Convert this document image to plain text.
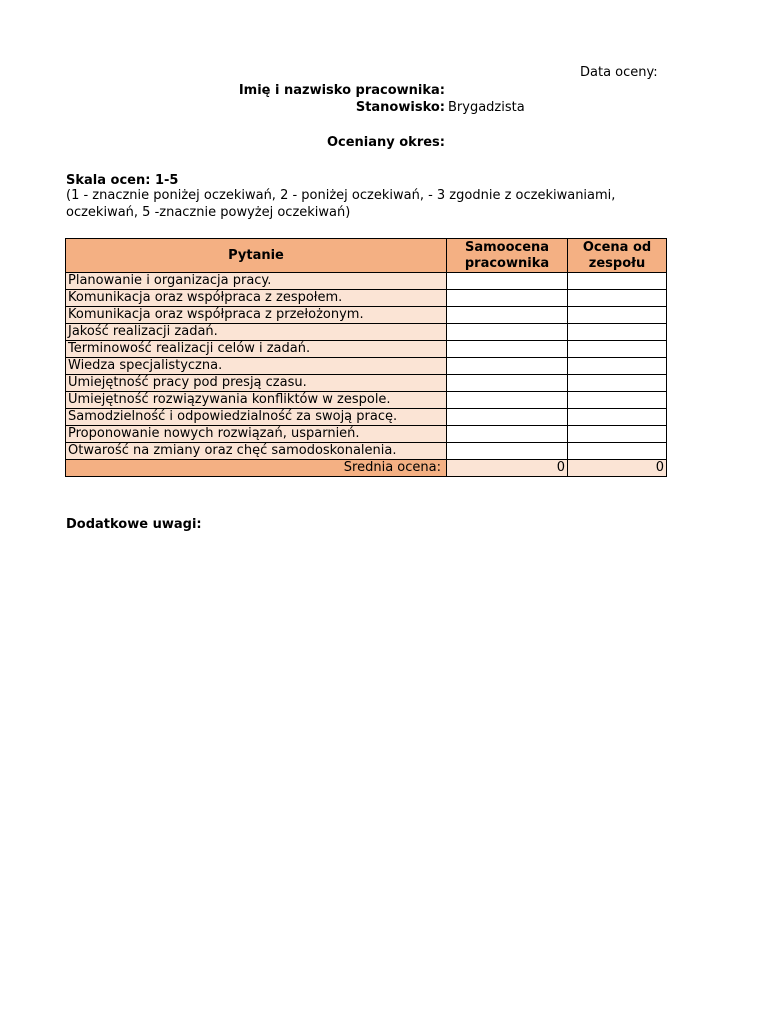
Data oceny:
Imię i nazwisko pracownika:
Stanowisko: Brygadzista
Oceniany okres:
Skala ocen: 1-5
(1 - znacznie poniżej oczekiwań, 2 - poniżej oczekiwań, - 3 zgodnie z oczekiwaniami,
oczekiwań, 5 -znacznie powyżej oczekiwań)
Pytanie	Samoocena pracownika	Ocena od zespołu
Planowanie i organizacja pracy.		
Komunikacja oraz współpraca z zespołem.		
Komunikacja oraz współpraca z przełożonym.		
Jakość realizacji zadań.		
Terminowość realizacji celów i zadań.		
Wiedza specjalistyczna.		
Umiejętność pracy pod presją czasu.		
Umiejętność rozwiązywania konfliktów w zespole.		
Samodzielność i odpowiedzialność za swoją pracę.		
Proponowanie nowych rozwiązań, usparnień.		
Otwarość na zmiany oraz chęć samodoskonalenia.		
Średnia ocena:	0	0
Dodatkowe uwagi:
